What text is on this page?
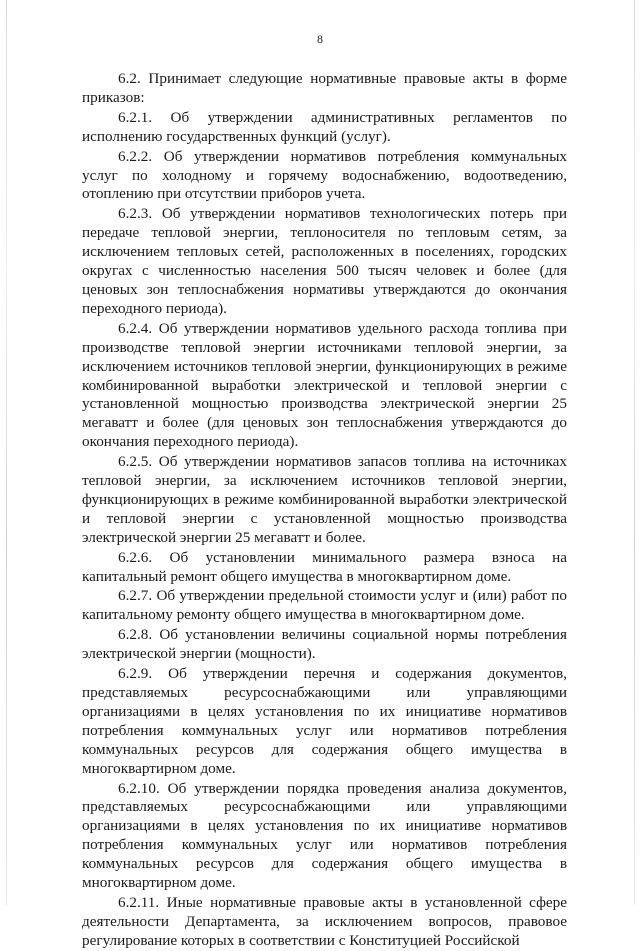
8

6.2. Принимает следующие нормативные правовые акты в форме приказов:

6.2.1. Об утверждении административных регламентов по исполнению государственных функций (услуг).

6.2.2. Об утверждении нормативов потребления коммунальных услуг по холодному и горячему водоснабжению, водоотведению, отоплению при отсутствии приборов учета.

6.2.3. Об утверждении нормативов технологических потерь при передаче тепловой энергии, теплоносителя по тепловым сетям, за исключением тепловых сетей, расположенных в поселениях, городских округах с численностью населения 500 тысяч человек и более (для ценовых зон теплоснабжения нормативы утверждаются до окончания переходного периода).

6.2.4. Об утверждении нормативов удельного расхода топлива при производстве тепловой энергии источниками тепловой энергии, за исключением источников тепловой энергии, функционирующих в режиме комбинированной выработки электрической и тепловой энергии с установленной мощностью производства электрической энергии 25 мегаватт и более (для ценовых зон теплоснабжения утверждаются до окончания переходного периода).

6.2.5. Об утверждении нормативов запасов топлива на источниках тепловой энергии, за исключением источников тепловой энергии, функционирующих в режиме комбинированной выработки электрической и тепловой энергии с установленной мощностью производства электрической энергии 25 мегаватт и более.

6.2.6. Об установлении минимального размера взноса на капитальный ремонт общего имущества в многоквартирном доме.

6.2.7. Об утверждении предельной стоимости услуг и (или) работ по капитальному ремонту общего имущества в многоквартирном доме.

6.2.8. Об установлении величины социальной нормы потребления электрической энергии (мощности).

6.2.9. Об утверждении перечня и содержания документов, представляемых ресурсоснабжающими или управляющими организациями в целях установления по их инициативе нормативов потребления коммунальных услуг или нормативов потребления коммунальных ресурсов для содержания общего имущества в многоквартирном доме.

6.2.10. Об утверждении порядка проведения анализа документов, представляемых ресурсоснабжающими или управляющими организациями в целях установления по их инициативе нормативов потребления коммунальных услуг или нормативов потребления коммунальных ресурсов для содержания общего имущества в многоквартирном доме.

6.2.11. Иные нормативные правовые акты в установленной сфере деятельности Департамента, за исключением вопросов, правовое регулирование которых в соответствии с Конституцией Российской
